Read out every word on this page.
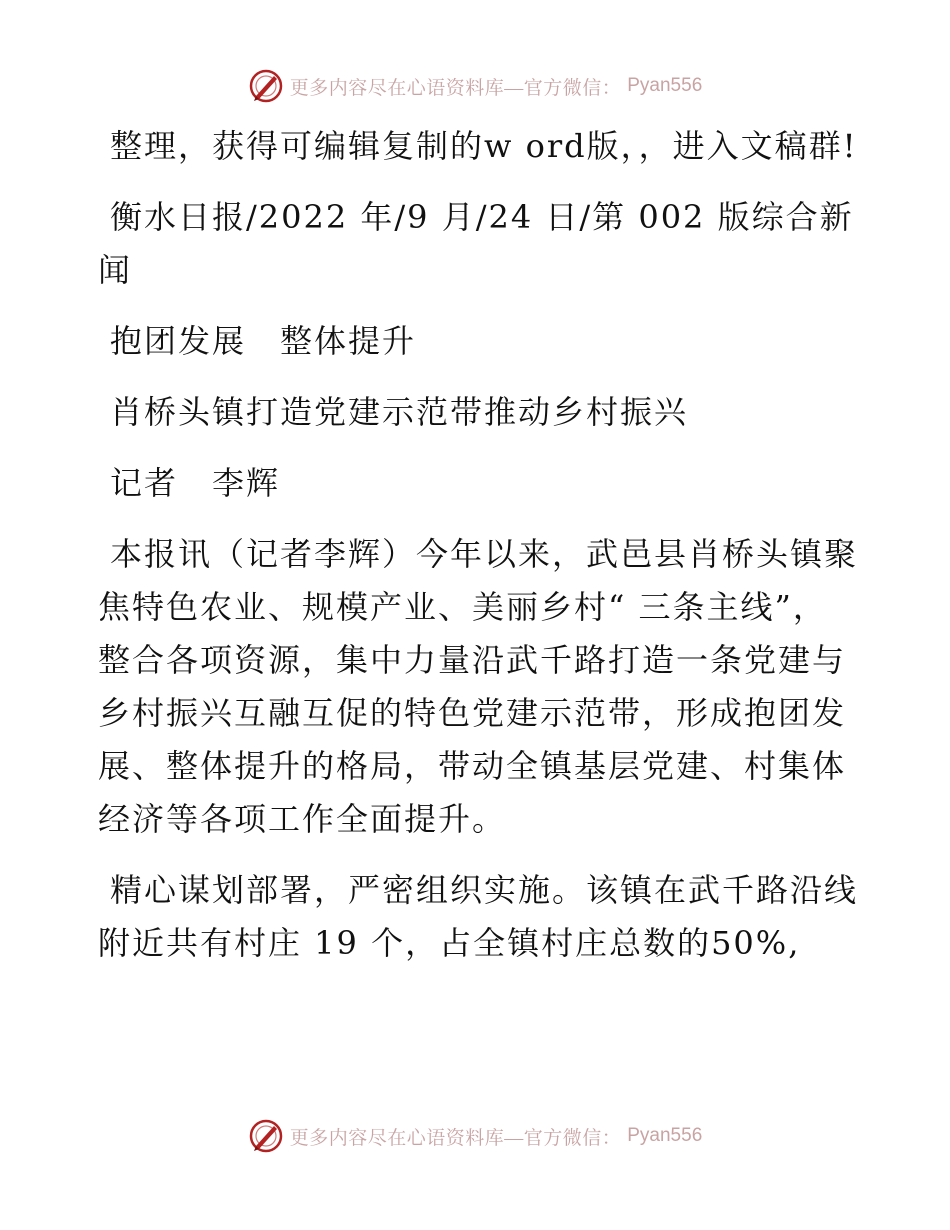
更多内容尽在心语资料库—官方微信： Pyan556

整理，获得可编辑复制的w ord版，，进入文稿群!

衡水日报/2022 年/9 月/24 日/第 002 版综合新闻

抱团发展　整体提升

肖桥头镇打造党建示范带推动乡村振兴

记者　李辉

本报讯（记者李辉）今年以来，武邑县肖桥头镇聚焦特色农业、规模产业、美丽乡村“ 三条主线”，整合各项资源，集中力量沿武千路打造一条党建与乡村振兴互融互促的特色党建示范带，形成抱团发展、整体提升的格局，带动全镇基层党建、村集体经济等各项工作全面提升。

精心谋划部署，严密组织实施。该镇在武千路沿线附近共有村庄 19 个，占全镇村庄总数的50%,

更多内容尽在心语资料库—官方微信： Pyan556
